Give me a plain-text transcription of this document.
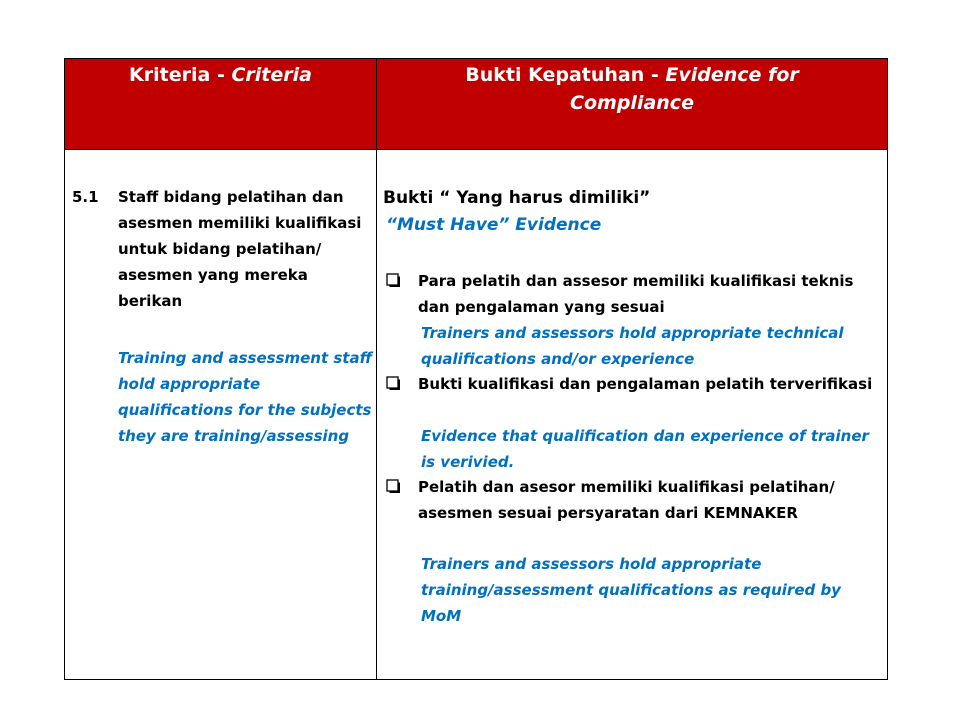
Kriteria - Criteria	Bukti Kepatuhan - Evidence for
Compliance
5.1 Staff bidang pelatihan dan asesmen memiliki kualifikasi untuk bidang pelatihan/ asesmen yang mereka berikan
Training and assessment staff hold appropriate qualifications for the subjects they are training/assessing
Bukti “ Yang harus dimiliki”
“Must Have” Evidence
Para pelatih dan assesor memiliki kualifikasi teknis dan pengalaman yang sesuai
Trainers and assessors hold appropriate technical qualifications and/or experience
Bukti kualifikasi dan pengalaman pelatih terverifikasi
Evidence that qualification dan experience of trainer is verivied.
Pelatih dan asesor memiliki kualifikasi pelatihan/ asesmen sesuai persyaratan dari KEMNAKER
Trainers and assessors hold appropriate training/assessment qualifications as required by MoM
